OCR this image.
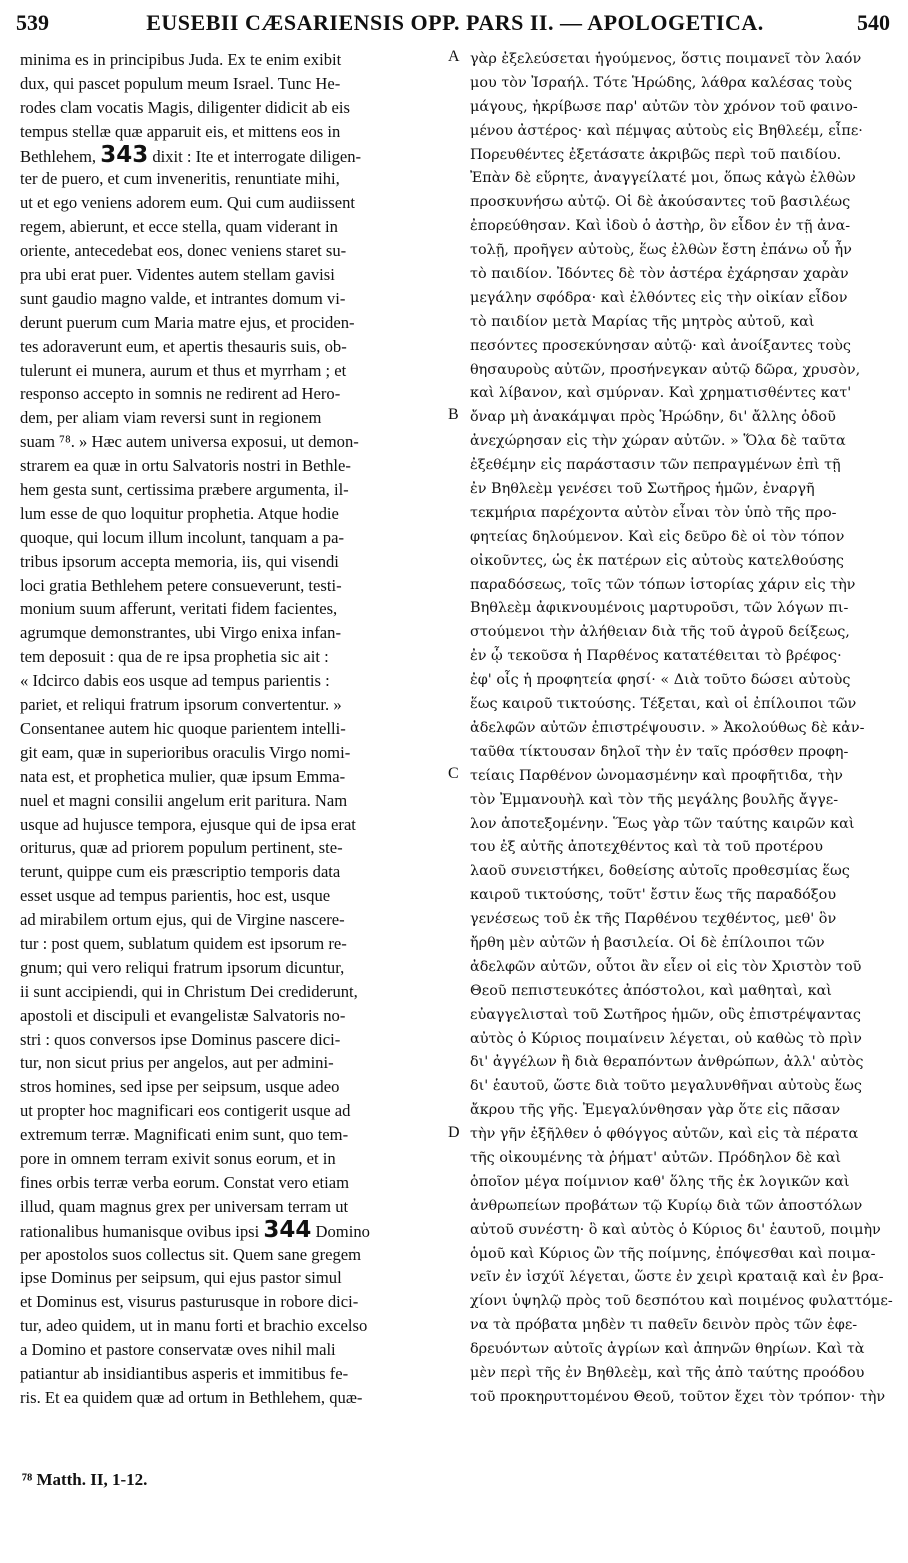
539	EUSEBII CÆSARIENSIS OPP. PARS II. — APOLOGETICA.	540
minima es in principibus Juda. Ex te enim exibit
dux, qui pascet populum meum Israel. Tunc He-
rodes clam vocatis Magis, diligenter didicit ab eis
tempus stellæ quæ apparuit eis, et mittens eos in
Bethlehem, 343 dixit : Ite et interrogate diligen-
ter de puero, et cum inveneritis, renuntiate mihi,
ut et ego veniens adorem eum. Qui cum audiissent
regem, abierunt, et ecce stella, quam viderant in
oriente, antecedebat eos, donec veniens staret su-
pra ubi erat puer. Videntes autem stellam gavisi
sunt gaudio magno valde, et intrantes domum vi-
derunt puerum cum Maria matre ejus, et prociden-
tes adoraverunt eum, et apertis thesauris suis, ob-
tulerunt ei munera, aurum et thus et myrrham ; et
responso accepto in somnis ne redirent ad Hero-
dem, per aliam viam reversi sunt in regionem
suam ⁷⁸. » Hæc autem universa exposui, ut demon-
strarem ea quæ in ortu Salvatoris nostri in Bethle-
hem gesta sunt, certissima præbere argumenta, il-
lum esse de quo loquitur prophetia. Atque hodie
quoque, qui locum illum incolunt, tanquam a pa-
tribus ipsorum accepta memoria, iis, qui visendi
loci gratia Bethlehem petere consueverunt, testi-
monium suum afferunt, veritati fidem facientes,
agrumque demonstrantes, ubi Virgo enixa infan-
tem deposuit : qua de re ipsa prophetia sic ait :
« Idcirco dabis eos usque ad tempus parientis :
pariet, et reliqui fratrum ipsorum convertentur. »
Consentanee autem hic quoque parientem intelli-
git eam, quæ in superioribus oraculis Virgo nomi-
nata est, et prophetica mulier, quæ ipsum Emma-
nuel et magni consilii angelum erit paritura. Nam
usque ad hujusce tempora, ejusque qui de ipsa erat
oriturus, quæ ad priorem populum pertinent, ste-
terunt, quippe cum eis præscriptio temporis data
esset usque ad tempus parientis, hoc est, usque
ad mirabilem ortum ejus, qui de Virgine nascere-
tur : post quem, sublatum quidem est ipsorum re-
gnum; qui vero reliqui fratrum ipsorum dicuntur,
ii sunt accipiendi, qui in Christum Dei crediderunt,
apostoli et discipuli et evangelistæ Salvatoris no-
stri : quos conversos ipse Dominus pascere dici-
tur, non sicut prius per angelos, aut per admini-
stros homines, sed ipse per seipsum, usque adeo
ut propter hoc magnificari eos contigerit usque ad
extremum terræ. Magnificati enim sunt, quo tem-
pore in omnem terram exivit sonus eorum, et in
fines orbis terræ verba eorum. Constat vero etiam
illud, quam magnus grex per universam terram ut
rationalibus humanisque ovibus ipsi 344 Domino
per apostolos suos collectus sit. Quem sane gregem
ipse Dominus per seipsum, qui ejus pastor simul
et Dominus est, visurus pasturusque in robore dici-
tur, adeo quidem, ut in manu forti et brachio excelso
a Domino et pastore conservatæ oves nihil mali
patiantur ab insidiantibus asperis et immitibus fe-
ris. Et ea quidem quæ ad ortum in Bethlehem, quæ-
γὰρ ἐξελεύσεται ἡγούμενος, ὅστις ποιμανεῖ τὸν λαόν
μου τὸν Ἰσραήλ. Τότε Ἡρώδης, λάθρα καλέσας τοὺς
μάγους, ἠκρίβωσε παρ' αὐτῶν τὸν χρόνον τοῦ φαινο-
μένου ἀστέρος· καὶ πέμψας αὐτοὺς εἰς Βηθλεέμ, εἶπε·
Πορευθέντες ἐξετάσατε ἀκριβῶς περὶ τοῦ παιδίου.
Ἐπὰν δὲ εὕρητε, ἀναγγείλατέ μοι, ὅπως κἀγὼ ἐλθὼν
προσκυνήσω αὐτῷ. Οἱ δὲ ἀκούσαντες τοῦ βασιλέως
ἐπορεύθησαν. Καὶ ἰδοὺ ὁ ἀστὴρ, ὃν εἶδον ἐν τῇ ἀνα-
τολῇ, προῆγεν αὐτοὺς, ἕως ἐλθὼν ἔστη ἐπάνω οὗ ἦν
τὸ παιδίον. Ἰδόντες δὲ τὸν ἀστέρα ἐχάρησαν χαρὰν
μεγάλην σφόδρα· καὶ ἐλθόντες εἰς τὴν οἰκίαν εἶδον
τὸ παιδίον μετὰ Μαρίας τῆς μητρὸς αὐτοῦ, καὶ
πεσόντες προσεκύνησαν αὐτῷ· καὶ ἀνοίξαντες τοὺς
θησαυροὺς αὐτῶν, προσήνεγκαν αὐτῷ δῶρα, χρυσὸν,
καὶ λίβανον, καὶ σμύρναν. Καὶ χρηματισθέντες κατ'
ὄναρ μὴ ἀνακάμψαι πρὸς Ἡρώδην, δι' ἄλλης ὁδοῦ
ἀνεχώρησαν εἰς τὴν χώραν αὐτῶν. » Ὅλα δὲ ταῦτα
ἐξεθέμην εἰς παράστασιν τῶν πεπραγμένων ἐπὶ τῇ
ἐν Βηθλεὲμ γενέσει τοῦ Σωτῆρος ἡμῶν, ἐναργῆ
τεκμήρια παρέχοντα αὐτὸν εἶναι τὸν ὑπὸ τῆς προ-
φητείας δηλούμενον. Καὶ εἰς δεῦρο δὲ οἱ τὸν τόπον
οἰκοῦντες, ὡς ἐκ πατέρων εἰς αὐτοὺς κατελθούσης
παραδόσεως, τοῖς τῶν τόπων ἱστορίας χάριν εἰς τὴν
Βηθλεὲμ ἀφικνουμένοις μαρτυροῦσι, τῶν λόγων πι-
στούμενοι τὴν ἀλήθειαν διὰ τῆς τοῦ ἀγροῦ δείξεως,
ἐν ᾧ τεκοῦσα ἡ Παρθένος κατατέθειται τὸ βρέφος·
ἐφ' οἷς ἡ προφητεία φησί· « Διὰ τοῦτο δώσει αὐτοὺς
ἕως καιροῦ τικτούσης. Τέξεται, καὶ οἱ ἐπίλοιποι τῶν
ἀδελφῶν αὐτῶν ἐπιστρέψουσιν. » Ἀκολούθως δὲ κἀν-
ταῦθα τίκτουσαν δηλοῖ τὴν ἐν ταῖς πρόσθεν προφη-
τείαις Παρθένον ὠνομασμένην καὶ προφῆτιδα, τὴν
τὸν Ἐμμανουὴλ καὶ τὸν τῆς μεγάλης βουλῆς ἄγγε-
λον ἀποτεξομένην. Ἕως γὰρ τῶν ταύτης καιρῶν καὶ
του ἐξ αὐτῆς ἀποτεχθέντος καὶ τὰ τοῦ προτέρου
λαοῦ συνειστήκει, δοθείσης αὐτοῖς προθεσμίας ἕως
καιροῦ τικτούσης, τοῦτ' ἔστιν ἕως τῆς παραδόξου
γενέσεως τοῦ ἐκ τῆς Παρθένου τεχθέντος, μεθ' ὃν
ἤρθη μὲν αὐτῶν ἡ βασιλεία. Οἱ δὲ ἐπίλοιποι τῶν
ἀδελφῶν αὐτῶν, οὗτοι ἂν εἶεν οἱ εἰς τὸν Χριστὸν τοῦ
Θεοῦ πεπιστευκότες ἀπόστολοι, καὶ μαθηταὶ, καὶ
εὐαγγελισταὶ τοῦ Σωτῆρος ἡμῶν, οὓς ἐπιστρέψαντας
αὐτὸς ὁ Κύριος ποιμαίνειν λέγεται, οὐ καθὼς τὸ πρὶν
δι' ἀγγέλων ἢ διὰ θεραπόντων ἀνθρώπων, ἀλλ' αὐτὸς
δι' ἑαυτοῦ, ὥστε διὰ τοῦτο μεγαλυνθῆναι αὐτοὺς ἕως
ἄκρου τῆς γῆς. Ἐμεγαλύνθησαν γὰρ ὅτε εἰς πᾶσαν
τὴν γῆν ἐξῆλθεν ὁ φθόγγος αὐτῶν, καὶ εἰς τὰ πέρατα
τῆς οἰκουμένης τὰ ῥήματ' αὐτῶν. Πρόδηλον δὲ καὶ
ὁποῖον μέγα ποίμνιον καθ' ὅλης τῆς ἐκ λογικῶν καὶ
ἀνθρωπείων προβάτων τῷ Κυρίῳ διὰ τῶν ἀποστόλων
αὐτοῦ συνέστη· ὃ καὶ αὐτὸς ὁ Κύριος δι' ἑαυτοῦ, ποιμὴν
ὁμοῦ καὶ Κύριος ὢν τῆς ποίμνης, ἐπόψεσθαι καὶ ποιμα-
νεῖν ἐν ἰσχύϊ λέγεται, ὥστε ἐν χειρὶ κραταιᾷ καὶ ἐν βρα-
χίονι ὑψηλῷ πρὸς τοῦ δεσπότου καὶ ποιμένος φυλαττόμε-
να τὰ πρόβατα μηδὲν τι παθεῖν δεινὸν πρὸς τῶν ἐφε-
δρευόντων αὐτοῖς ἀγρίων καὶ ἀπηνῶν θηρίων. Καὶ τὰ
μὲν περὶ τῆς ἐν Βηθλεὲμ, καὶ τῆς ἀπὸ ταύτης προόδου
τοῦ προκηρυττομένου Θεοῦ, τοῦτον ἔχει τὸν τρόπον· τὴν
A
B
C
D
⁷⁸ Matth. II, 1-12.
